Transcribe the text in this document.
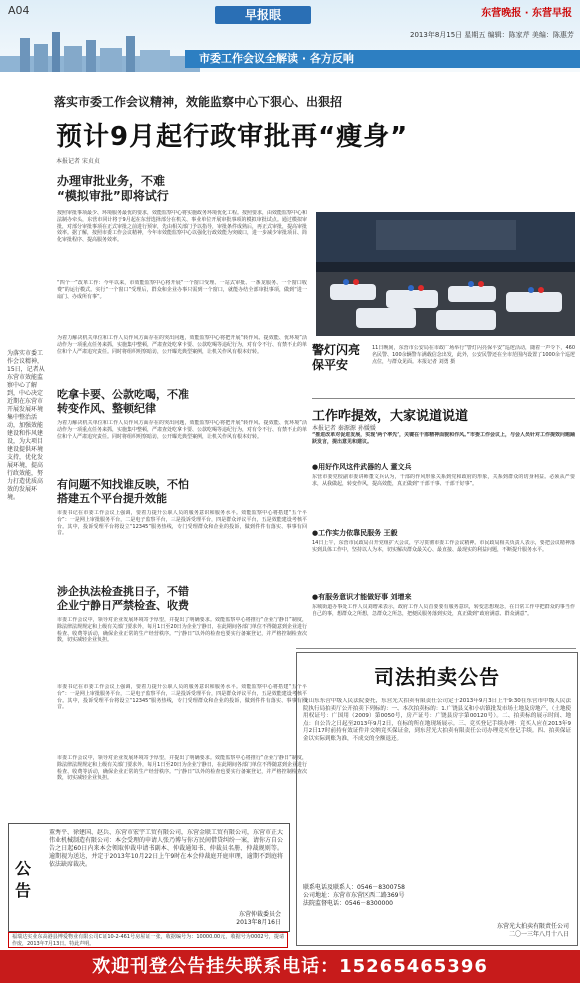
A04	早报眼	东营晚报 · 东营早报
2013年8月15日 星期五 编辑：陈家芹 美编：陈惠芳
市委工作会议全解读 · 各方反响
落实市委工作会议精神，效能监察中心下狠心、出狠招
预计9月起行政审批再“瘦身”
本报记者 宋贞贞
办理审批业务，不难
“模拟审批”即将试行
按照审批事项最少、环境服务最优的要求，效能监察中心将实施政务环境优化工程。按照要求，由效能监察中心和法制办牵头，东营市同计将于9月起在东营选择部分在机关、事业单位开展审批事项的模拟审批试点。通过模拟审批，对部分审批事项在正式审批之前进行预审，先由相关部门予以指导，审批条件成熟后，再正式审批，提高审批效率。据了解，按照市委工作会议精神，今年市效能监察中心以强化行政效能为突破口，进一步减少审批项目、简化审批程序、提高服务效率。
“四个一”改革工作：今年以来，市效能监察中心将开展“一个窗口受理、一站式审批、一条龙服务、一个窗口收费”的运行模式。实行“一个窗口”受理后，群众和企业办事只需到一个窗口，就能办结全部审批事项，做到“进一扇门、办成所有事”。
为落实市委工作会议精神，15日，记者从东营市效能监察中心了解到，中心决定近期在东营市开展发展环境集中整治活动，加强效能建设和作风建设，为大项目建设提供环境支持，优化发展环境，提高行政效能，努力打造优质高效的发展环境。
为着力解决机关单位和工作人员作风方面存在的突出问题，效能监察中心将把开展“转作风、提效能、优环境”活动作为一项重点任务来抓，实施集中整顿，严肃查处吃拿卡要、公款吃喝等违纪行为，对有令不行、有禁不止的单位和个人严肃追究责任。同时将组织明察暗访，公开曝光典型案例，让机关作风有根本好转。
吃拿卡要、公款吃喝，不准
转变作风、整顿纪律
为着力解决机关单位和工作人员作风方面存在的突出问题，效能监察中心将把开展“转作风、提效能、优环境”活动作为一项重点任务来抓，实施集中整顿，严肃查处吃拿卡要、公款吃喝等违纪行为，对有令不行、有禁不止的单位和个人严肃追究责任。同时将组织明察暗访，公开曝光典型案例，让机关作风有根本好转。
有问题不知找谁反映，不怕
搭建五个平台提升效能
市委书记在市委工作会议上强调，要着力提升公职人员的服务意识和服务水平。效能监察中心将搭建“五个平台”：一是网上审批服务平台，二是电子监察平台，三是投诉受理平台，四是群众评议平台，五是效能建设考核平台。其中，投诉受理平台将设立“12345”服务热线，专门受理群众和企业的投诉，做到件件有落实、事事有回音。
涉企执法检查挑日子，不错
企业宁静日严禁检查、收费
市委工作会议中，领导对企业发展环境寄予厚望，并提出了明确要求。效能监察中心将推行“企业宁静日”制度，除法律法规规定和上级有关部门要求外，每月1日至20日为企业宁静日，在此期间各部门单位不得随意到企业进行检查、收费等活动，确保企业正常的生产经营秩序。“宁静日”以外的检查也要实行备案登记，并严格控制检查次数，切实减轻企业负担。
市委书记在市委工作会议上强调，要着力提升公职人员的服务意识和服务水平。效能监察中心将搭建“五个平台”：一是网上审批服务平台，二是电子监察平台，三是投诉受理平台，四是群众评议平台，五是效能建设考核平台。其中，投诉受理平台将设立“12345”服务热线，专门受理群众和企业的投诉，做到件件有落实、事事有回音。
市委工作会议中，领导对企业发展环境寄予厚望，并提出了明确要求。效能监察中心将推行“企业宁静日”制度，除法律法规规定和上级有关部门要求外，每月1日至20日为企业宁静日，在此期间各部门单位不得随意到企业进行检查、收费等活动，确保企业正常的生产经营秩序。“宁静日”以外的检查也要实行备案登记，并严格控制检查次数，切实减轻企业负担。
警灯闪亮
保平安
11日晚间，东营市公安局在市政广场举行“警灯闪亮保平安”巡逻活动，随着一声令下，460名民警、100余辆警车满载信念出发，此外，公安民警还在全市范围内设置了1000余个巡逻点位，与群众见面。本报记者 刘勇 摄
工作咋提效，大家说道说道
本报记者 秦源源 孙媛媛
“推进改革对促进发展，实现‘两个率先’，关键在干部精神面貌和作风。”市委工作会议上，与会人员针对工作提效问题踊跃发言，提出意见和建议。
●用好作风这件武器的人 董文兵
东营市委党校副市委讲师董文兵认为，干部的作风形象关系到党和政府的形象，关系到群众的切身利益。必须从严要求，从我做起，转变作风，提高效能，真正做到“干部干事、干部干好事”。
●工作实力依靠民服务 王毅
14日上午，东营市民政局召开党组扩大会议，学习贯彻市委工作会议精神。市民政局相关负责人表示，要把会议精神落实到具体工作中，坚持以人为本，切实解决群众最关心、最直接、最现实的利益问题，不断提升服务水平。
●有服务意识才能做好事 刘增来
东城街道办事处工作人员刘增来表示，政府工作人员首要要有服务意识，转变思想观念，在日常工作中把群众的事当作自己的事，想群众之所想，急群众之所急，把便民服务落到实处，真正做到“政府满意、群众满意”。
司法拍卖公告
受山东东营中级人民法院委托，东营光大拍卖有限责任公司定于2013年9月3日上午9:30在东营市中级人民法院执行局拍卖厅公开拍卖下列标的：一、本次拍卖标的：1.广饶县义和小店镇批发市场土地及房地产，（土地使用权证号：广国用（2009）第0050号，房产证号：广饶县房字第00120号）。二、拍卖标的展示时间、地点：自公告之日起至2013年9月2日，在标的所在地现场展示。三、竞买登记手续办理：竞买人应在2013年9月2日17时前持有效证件并交纳竞买保证金，到东营光大拍卖有限责任公司办理竞买登记手续。四、拍卖保证金以实际到账为准，不成交的全额退还。
联系电话及联系人：0546－8300758
公司地址：东营市东营区西二路369号
法院监督电话：0546－8300000
东营光大拍卖有限责任公司
二〇一三年八月十八日
公告
董秀平、徐建国、赵兵、东营市宏宇工贸有限公司，东营金联工贸有限公司，东营市正大伟业机械制造有限公司：本会受理的申请人张乃博与你方民间借贷纠纷一案，请你方自公告之日起60日内来本会领取仲裁申请书副本、仲裁通知书、仲裁员名册、仲裁规则等。逾期视为送达，并定于2013年10月22日上午9时在本会仲裁庭开庭审理，逾期不到庭将依法缺席裁决。
东营仲裁委员会
2013年8月16日
福瑞达实业东高港县博爱物业有限公司C证10-2-461号房屋证一张，收据编号为：10000.00元，收据号为0002号，提请作废，2013年7月13日。特此声明。
欢迎刊登公告挂失联系电话：15265465396
